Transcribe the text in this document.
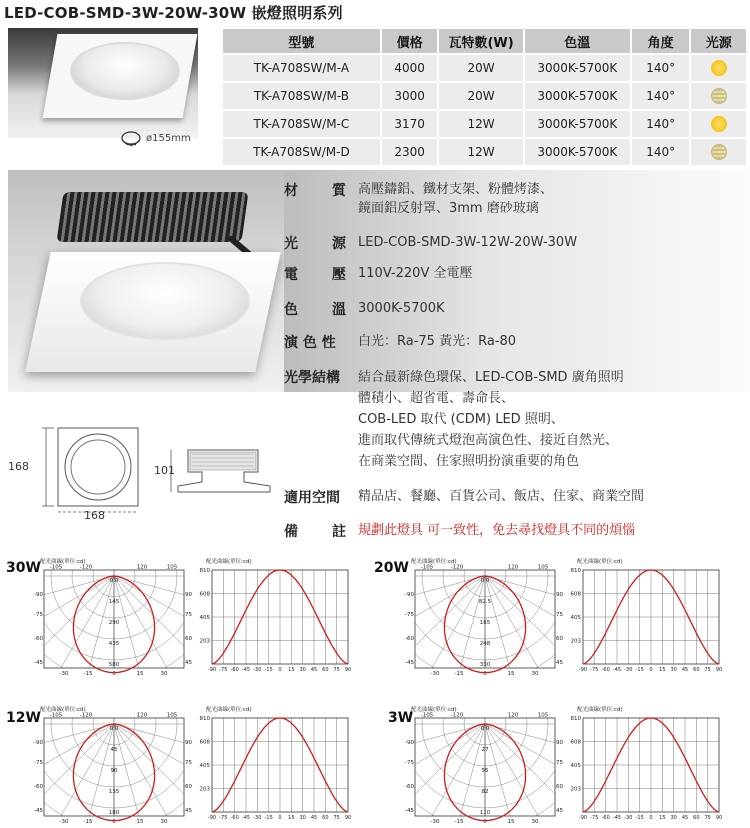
LED-COB-SMD-3W-20W-30W 嵌燈照明系列
ø155mm
型號	價格	瓦特數(W)	色溫	角度	光源
TK-A708SW/M-A	4000	20W	3000K-5700K	140°	
TK-A708SW/M-B	3000	20W	3000K-5700K	140°	
TK-A708SW/M-C	3170	12W	3000K-5700K	140°	
TK-A708SW/M-D	2300	12W	3000K-5700K	140°	
材 質 高壓鑄鋁、鐵材支架、粉體烤漆、
鏡面鋁反射罩、3mm 磨砂玻璃
光 源 LED-COB-SMD-3W-12W-20W-30W
電 壓 110V-220V 全電壓
色 溫 3000K-5700K
演 色 性	白光：Ra-75 黃光：Ra-80
光學結構	結合最新綠色環保、LED-COB-SMD 廣角照明
體積小、超省電、壽命長、
COB-LED 取代 (CDM) LED 照明、
進而取代傳統式燈泡高演色性、接近自然光、
在商業空間、住家照明扮演重要的角色
適用空間	精品店、餐廳、百貨公司、飯店、住家、商業空間
備 註 規劃此燈具 可一致性，免去尋找燈具不同的煩惱
168
168
101
30W	20W
12W	3W
配光曲線(單位:cd)
0.0
145
290
435
580
-105	-120	120	105
-90	90
-75	75
-60	60
-45	45
-30	-15	0	15	30
配光曲線(單位:cd)
810
608
405
203
-90 -75 -60 -45 -30 -15 0 15 30 45 60 75 90
配光曲線(單位:cd)
0.0
82.5
165
248
330
-105	-120	120	105
-90	90
-75	75
-60	60
-45	45
-30	-15	0	15	30
配光曲線(單位:cd)
810
608
405
203
-90 -75 -60 -45 -30 -15 0 15 30 45 60 75 90
配光曲線(單位:cd)
0.0
45
90
135
180
-105	-120	120	105
-90	90
-75	75
-60	60
-45	45
-30	-15	0	15	30
配光曲線(單位:cd)
810
608
405
203
-90 -75 -60 -45 -30 -15 0 15 30 45 60 75 90
配光曲線(單位:cd)
0.0
27
55
82
110
-105	-120	120	105
-90	90
-75	75
-60	60
-45	45
-30	-15	0	15	30
配光曲線(單位:cd)
810
608
405
203
-90 -75 -60 -45 -30 -15 0 15 30 45 60 75 90
